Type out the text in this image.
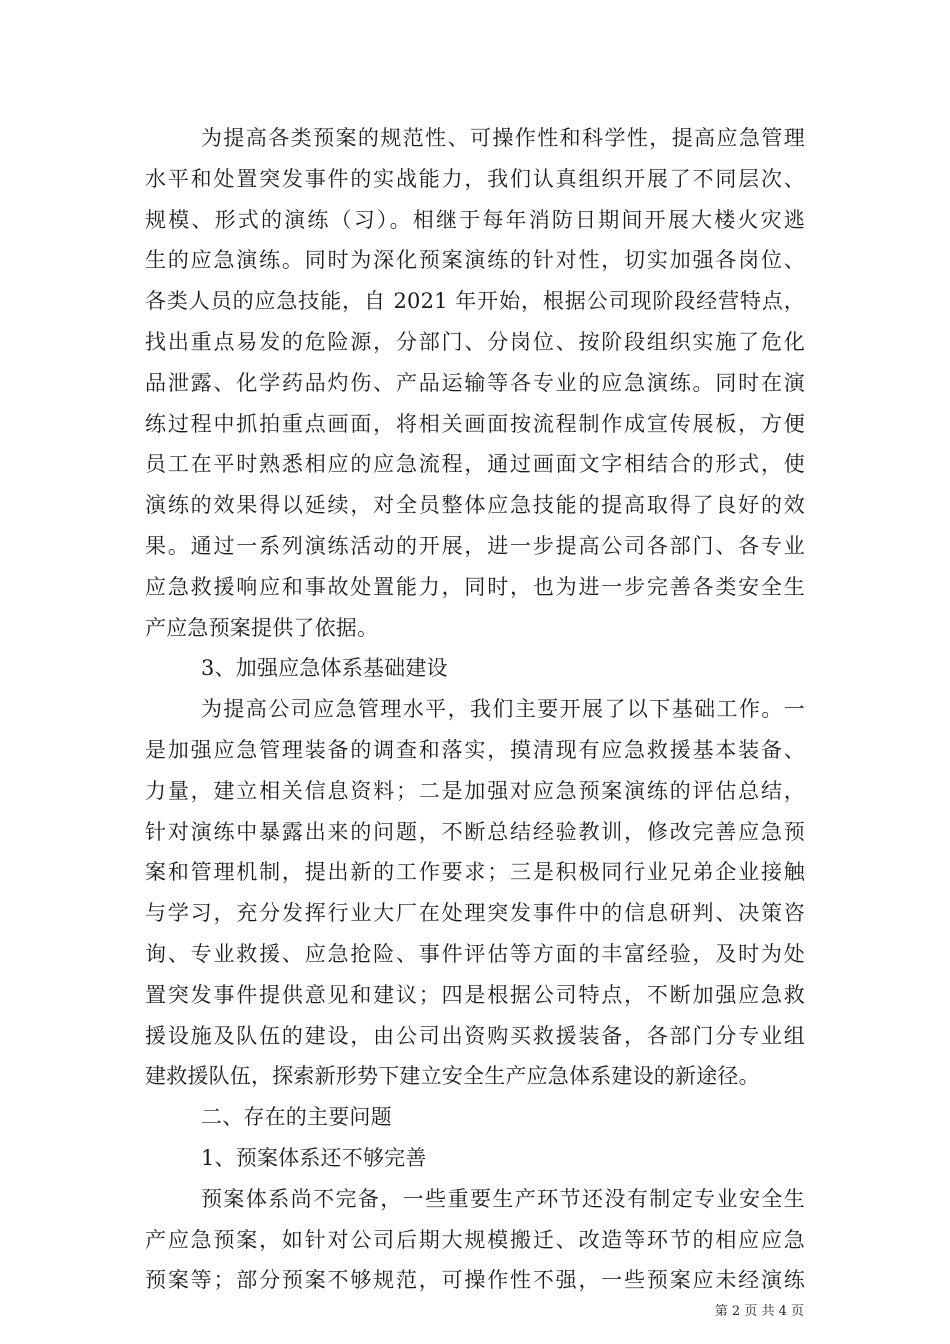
为提高各类预案的规范性、可操作性和科学性，提高应急管理
水平和处置突发事件的实战能力，我们认真组织开展了不同层次、
规模、形式的演练（习）。相继于每年消防日期间开展大楼火灾逃
生的应急演练。同时为深化预案演练的针对性，切实加强各岗位、
各类人员的应急技能，自 2021 年开始，根据公司现阶段经营特点，
找出重点易发的危险源，分部门、分岗位、按阶段组织实施了危化
品泄露、化学药品灼伤、产品运输等各专业的应急演练。同时在演
练过程中抓拍重点画面，将相关画面按流程制作成宣传展板，方便
员工在平时熟悉相应的应急流程，通过画面文字相结合的形式，使
演练的效果得以延续，对全员整体应急技能的提高取得了良好的效
果。通过一系列演练活动的开展，进一步提高公司各部门、各专业
应急救援响应和事故处置能力，同时，也为进一步完善各类安全生
产应急预案提供了依据。
3、加强应急体系基础建设
为提高公司应急管理水平，我们主要开展了以下基础工作。一
是加强应急管理装备的调查和落实，摸清现有应急救援基本装备、
力量，建立相关信息资料；二是加强对应急预案演练的评估总结，
针对演练中暴露出来的问题，不断总结经验教训，修改完善应急预
案和管理机制，提出新的工作要求；三是积极同行业兄弟企业接触
与学习，充分发挥行业大厂在处理突发事件中的信息研判、决策咨
询、专业救援、应急抢险、事件评估等方面的丰富经验，及时为处
置突发事件提供意见和建议；四是根据公司特点，不断加强应急救
援设施及队伍的建设，由公司出资购买救援装备，各部门分专业组
建救援队伍，探索新形势下建立安全生产应急体系建设的新途径。
二、存在的主要问题
1、预案体系还不够完善
预案体系尚不完备，一些重要生产环节还没有制定专业安全生
产应急预案，如针对公司后期大规模搬迁、改造等环节的相应应急
预案等；部分预案不够规范，可操作性不强，一些预案应未经演练
第 2 页 共 4 页
